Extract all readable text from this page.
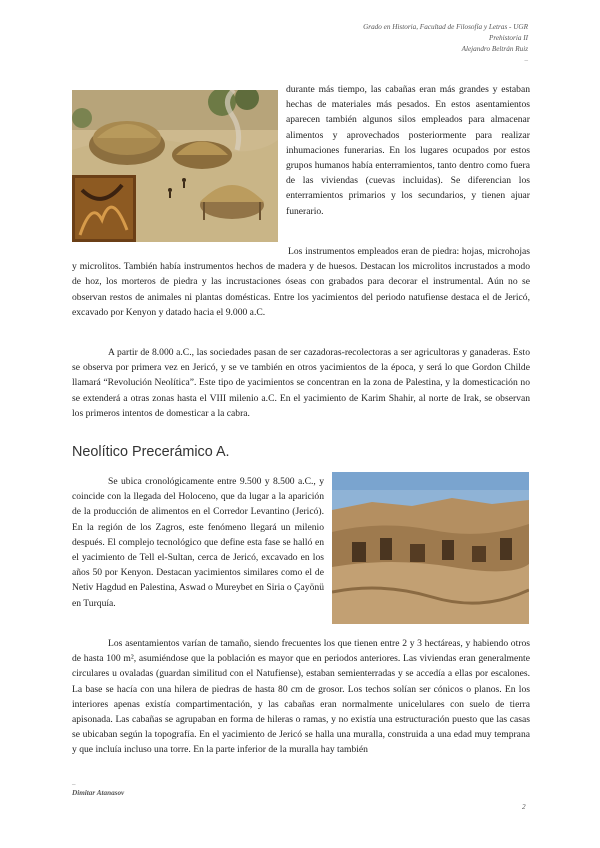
Grado en Historia, Facultad de Filosofía y Letras - UGR
Prehistoria II
Alejandro Beltrán Ruiz
–

durante más tiempo, las cabañas eran más grandes y estaban hechas de materiales más pesados. En estos asentamientos aparecen también algunos silos empleados para almacenar alimentos y aprovechados posteriormente para realizar inhumaciones funerarias. En los lugares ocupados por estos grupos humanos había enterramientos, tanto dentro como fuera de las viviendas (cuevas incluidas). Se diferencian los enterramientos primarios y los secundarios, y tienen ajuar funerario.

Los instrumentos empleados eran de piedra: hojas, microhojas y microlitos. También había instrumentos hechos de madera y de huesos. Destacan los microlitos incrustados a modo de hoz, los morteros de piedra y las incrustaciones óseas con grabados para decorar el instrumental. Aún no se observan restos de animales ni plantas domésticas. Entre los yacimientos del periodo natufiense destaca el de Jericó, excavado por Kenyon y datado hacia el 9.000 a.C.

A partir de 8.000 a.C., las sociedades pasan de ser cazadoras-recolectoras a ser agricultoras y ganaderas. Esto se observa por primera vez en Jericó, y se ve también en otros yacimientos de la época, y será lo que Gordon Childe llamará “Revolución Neolítica”. Este tipo de yacimientos se concentran en la zona de Palestina, y la domesticación no se extenderá a otras zonas hasta el VIII milenio a.C. En el yacimiento de Karim Shahir, al norte de Irak, se observan los primeros intentos de domesticar a la cabra.

Neolítico Precerámico A.

Se ubica cronológicamente entre 9.500 y 8.500 a.C., y coincide con la llegada del Holoceno, que da lugar a la aparición de la producción de alimentos en el Corredor Levantino (Jericó). En la región de los Zagros, este fenómeno llegará un milenio después. El complejo tecnológico que define esta fase se halló en el yacimiento de Tell el-Sultan, cerca de Jericó, excavado en los años 50 por Kenyon. Destacan yacimientos similares como el de Netiv Hagdud en Palestina, Aswad o Mureybet en Siria o Çayönü en Turquía.

Los asentamientos varían de tamaño, siendo frecuentes los que tienen entre 2 y 3 hectáreas, y habiendo otros de hasta 100 m², asumiéndose que la población es mayor que en periodos anteriores. Las viviendas eran generalmente circulares u ovaladas (guardan similitud con el Natufiense), estaban semienterradas y se accedía a ellas por escalones. La base se hacía con una hilera de piedras de hasta 80 cm de grosor. Los techos solían ser cónicos o planos. En los interiores apenas existía compartimentación, y las cabañas eran normalmente unicelulares con suelo de tierra apisonada. Las cabañas se agrupaban en forma de hileras o ramas, y no existía una estructuración puesto que las casas se ubicaban según la topografía. En el yacimiento de Jericó se halla una muralla, construida a una edad muy temprana y que incluía incluso una torre. En la parte inferior de la muralla hay también

–
Dimitar Atanasov
2
